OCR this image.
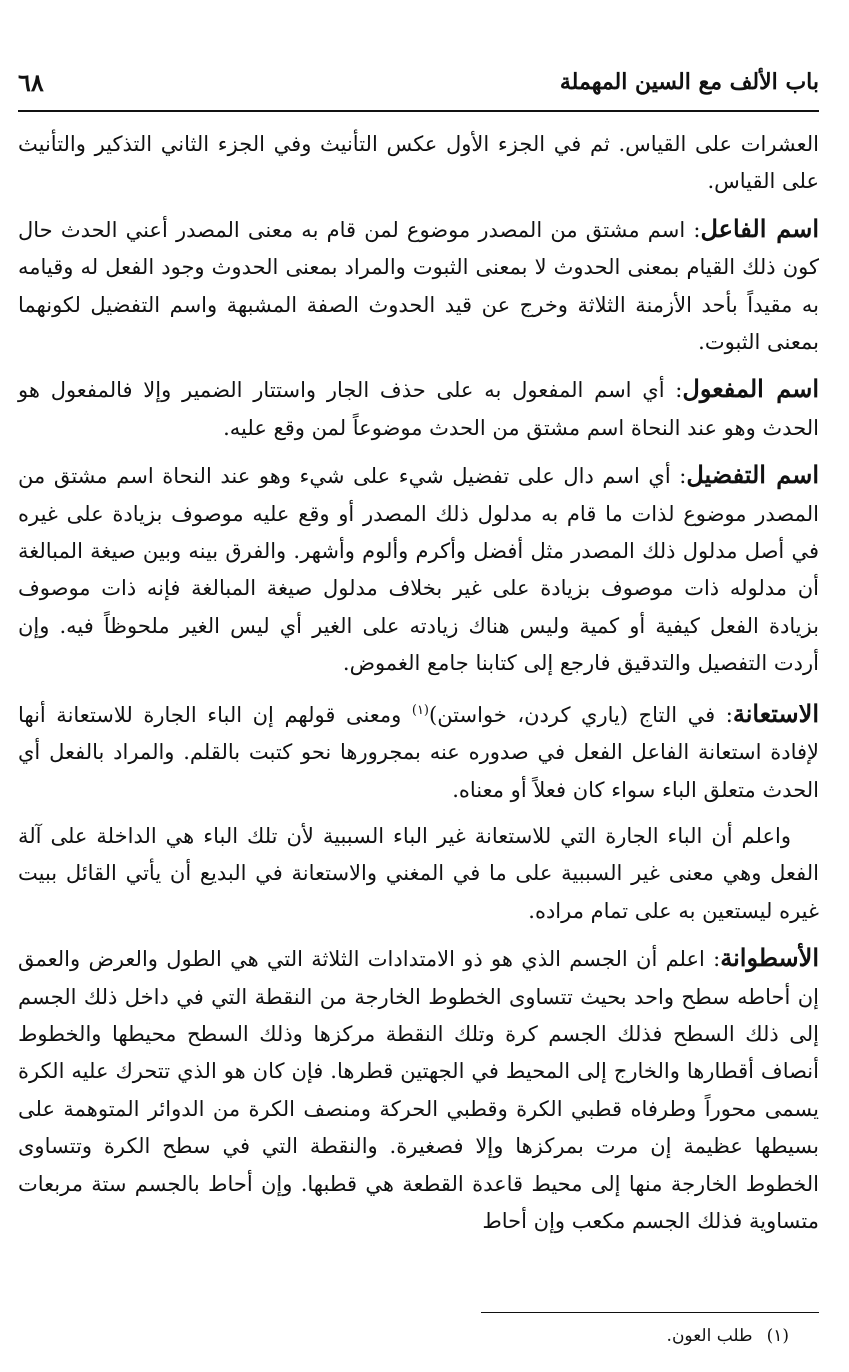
باب الألف مع السين المهملة
٦٨

العشرات على القياس. ثم في الجزء الأول عكس التأنيث وفي الجزء الثاني التذكير والتأنيث على القياس.

اسم الفاعل: اسم مشتق من المصدر موضوع لمن قام به معنى المصدر أعني الحدث حال كون ذلك القيام بمعنى الحدوث لا بمعنى الثبوت والمراد بمعنى الحدوث وجود الفعل له وقيامه به مقيداً بأحد الأزمنة الثلاثة وخرج عن قيد الحدوث الصفة المشبهة واسم التفضيل لكونهما بمعنى الثبوت.

اسم المفعول: أي اسم المفعول به على حذف الجار واستتار الضمير وإلا فالمفعول هو الحدث وهو عند النحاة اسم مشتق من الحدث موضوعاً لمن وقع عليه.

اسم التفضيل: أي اسم دال على تفضيل شيء على شيء وهو عند النحاة اسم مشتق من المصدر موضوع لذات ما قام به مدلول ذلك المصدر أو وقع عليه موصوف بزيادة على غيره في أصل مدلول ذلك المصدر مثل أفضل وأكرم وألوم وأشهر. والفرق بينه وبين صيغة المبالغة أن مدلوله ذات موصوف بزيادة على غير بخلاف مدلول صيغة المبالغة فإنه ذات موصوف بزيادة الفعل كيفية أو كمية وليس هناك زيادته على الغير أي ليس الغير ملحوظاً فيه. وإن أردت التفصيل والتدقيق فارجع إلى كتابنا جامع الغموض.

الاستعانة: في التاج (ياري كردن، خواستن)$^{(١)}$ ومعنى قولهم إن الباء الجارة للاستعانة أنها لإفادة استعانة الفاعل الفعل في صدوره عنه بمجرورها نحو كتبت بالقلم. والمراد بالفعل أي الحدث متعلق الباء سواء كان فعلاً أو معناه.

واعلم أن الباء الجارة التي للاستعانة غير الباء السببية لأن تلك الباء هي الداخلة على آلة الفعل وهي معنى غير السببية على ما في المغني والاستعانة في البديع أن يأتي القائل ببيت غيره ليستعين به على تمام مراده.

الأسطوانة: اعلم أن الجسم الذي هو ذو الامتدادات الثلاثة التي هي الطول والعرض والعمق إن أحاطه سطح واحد بحيث تتساوى الخطوط الخارجة من النقطة التي في داخل ذلك الجسم إلى ذلك السطح فذلك الجسم كرة وتلك النقطة مركزها وذلك السطح محيطها والخطوط أنصاف أقطارها والخارج إلى المحيط في الجهتين قطرها. فإن كان هو الذي تتحرك عليه الكرة يسمى محوراً وطرفاه قطبي الكرة وقطبي الحركة ومنصف الكرة من الدوائر المتوهمة على بسيطها عظيمة إن مرت بمركزها وإلا فصغيرة. والنقطة التي في سطح الكرة وتتساوى الخطوط الخارجة منها إلى محيط قاعدة القطعة هي قطبها. وإن أحاط بالجسم ستة مربعات متساوية فذلك الجسم مكعب وإن أحاط

(١)طلب العون.
